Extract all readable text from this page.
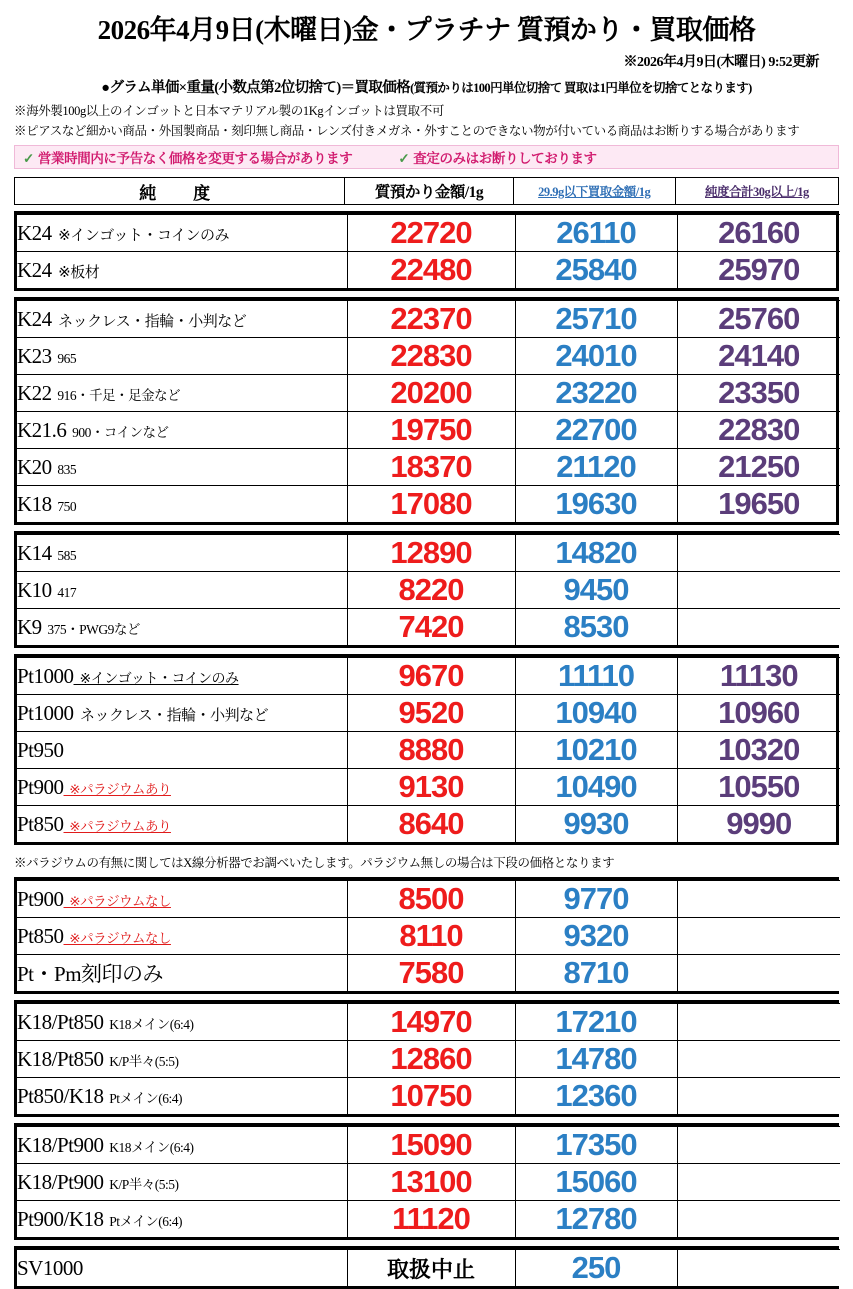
2026年4月9日(木曜日)金・プラチナ 質預かり・買取価格
※2026年4月9日(木曜日) 9:52更新
●グラム単価×重量(小数点第2位切捨て)＝買取価格(質預かりは100円単位切捨て 買取は1円単位を切捨てとなります)
※海外製100g以上のインゴットと日本マテリアル製の1Kgインゴットは買取不可
※ピアスなど細かい商品・外国製商品・刻印無し商品・レンズ付きメガネ・外すことのできない物が付いている商品はお断りする場合があります
✓ 営業時間内に予告なく価格を変更する場合があります	✓ 査定のみはお断りしております
純　度	質預かり金額/1g	29.9g以下買取金額/1g	純度合計30g以上/1g
K24  ※インゴット・コインのみ	22720	26110	26160
K24  ※板材	22480	25840	25970
K24  ネックレス・指輪・小判など	22370	25710	25760
K23  965	22830	24010	24140
K22  916・千足・足金など	20200	23220	23350
K21.6  900・コインなど	19750	22700	22830
K20  835	18370	21120	21250
K18  750	17080	19630	19650
K14  585	12890	14820	
K10  417	8220	9450	
K9  375・PWG9など	7420	8530	
Pt1000  ※インゴット・コインのみ	9670	11110	11130
Pt1000  ネックレス・指輪・小判など	9520	10940	10960
Pt950	8880	10210	10320
Pt900  ※パラジウムあり	9130	10490	10550
Pt850  ※パラジウムあり	8640	9930	9990
※パラジウムの有無に関してはX線分析器でお調べいたします。パラジウム無しの場合は下段の価格となります
Pt900  ※パラジウムなし	8500	9770	
Pt850  ※パラジウムなし	8110	9320	
Pt・Pm刻印のみ	7580	8710	
K18/Pt850  K18メイン(6:4)	14970	17210	
K18/Pt850  K/P半々(5:5)	12860	14780	
Pt850/K18  Ptメイン(6:4)	10750	12360	
K18/Pt900  K18メイン(6:4)	15090	17350	
K18/Pt900  K/P半々(5:5)	13100	15060	
Pt900/K18  Ptメイン(6:4)	11120	12780	
SV1000	取扱中止	250	
